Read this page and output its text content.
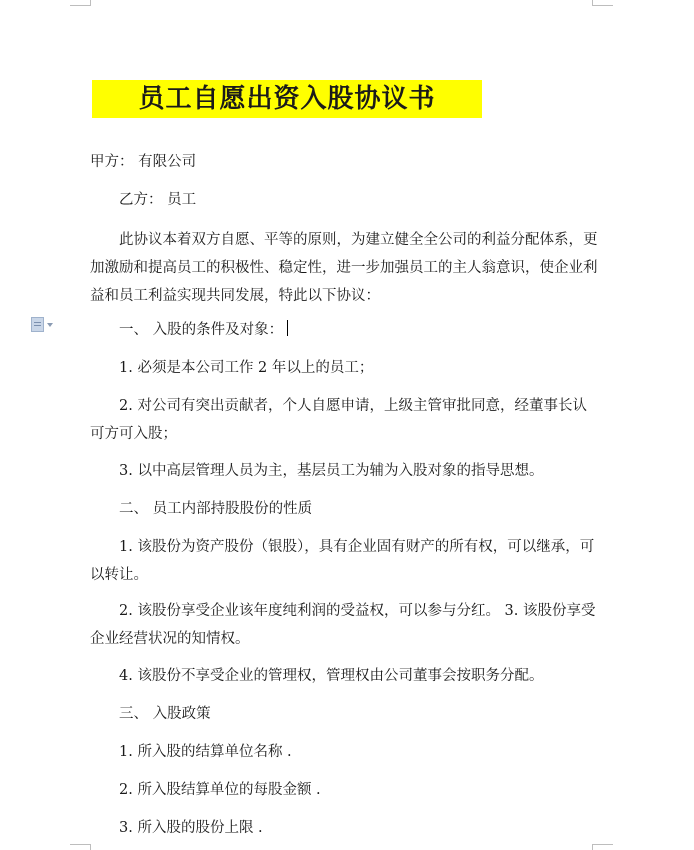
员工自愿出资入股协议书

甲方： 有限公司

乙方： 员工

此协议本着双方自愿、平等的原则，为建立健全全公司的利益分配体系，更加激励和提高员工的积极性、稳定性，进一步加强员工的主人翁意识，使企业利益和员工利益实现共同发展，特此以下协议：

一、 入股的条件及对象：

1. 必须是本公司工作 2 年以上的员工；

2. 对公司有突出贡献者，个人自愿申请，上级主管审批同意，经董事长认可方可入股；

3. 以中高层管理人员为主，基层员工为辅为入股对象的指导思想。

二、 员工内部持股股份的性质

1. 该股份为资产股份（银股），具有企业固有财产的所有权，可以继承，可以转让。

2. 该股份享受企业该年度纯利润的受益权，可以参与分红。 3. 该股份享受企业经营状况的知情权。

4. 该股份不享受企业的管理权，管理权由公司董事会按职务分配。

三、 入股政策

1. 所入股的结算单位名称 .

2. 所入股结算单位的每股金额 .

3. 所入股的股份上限 .
